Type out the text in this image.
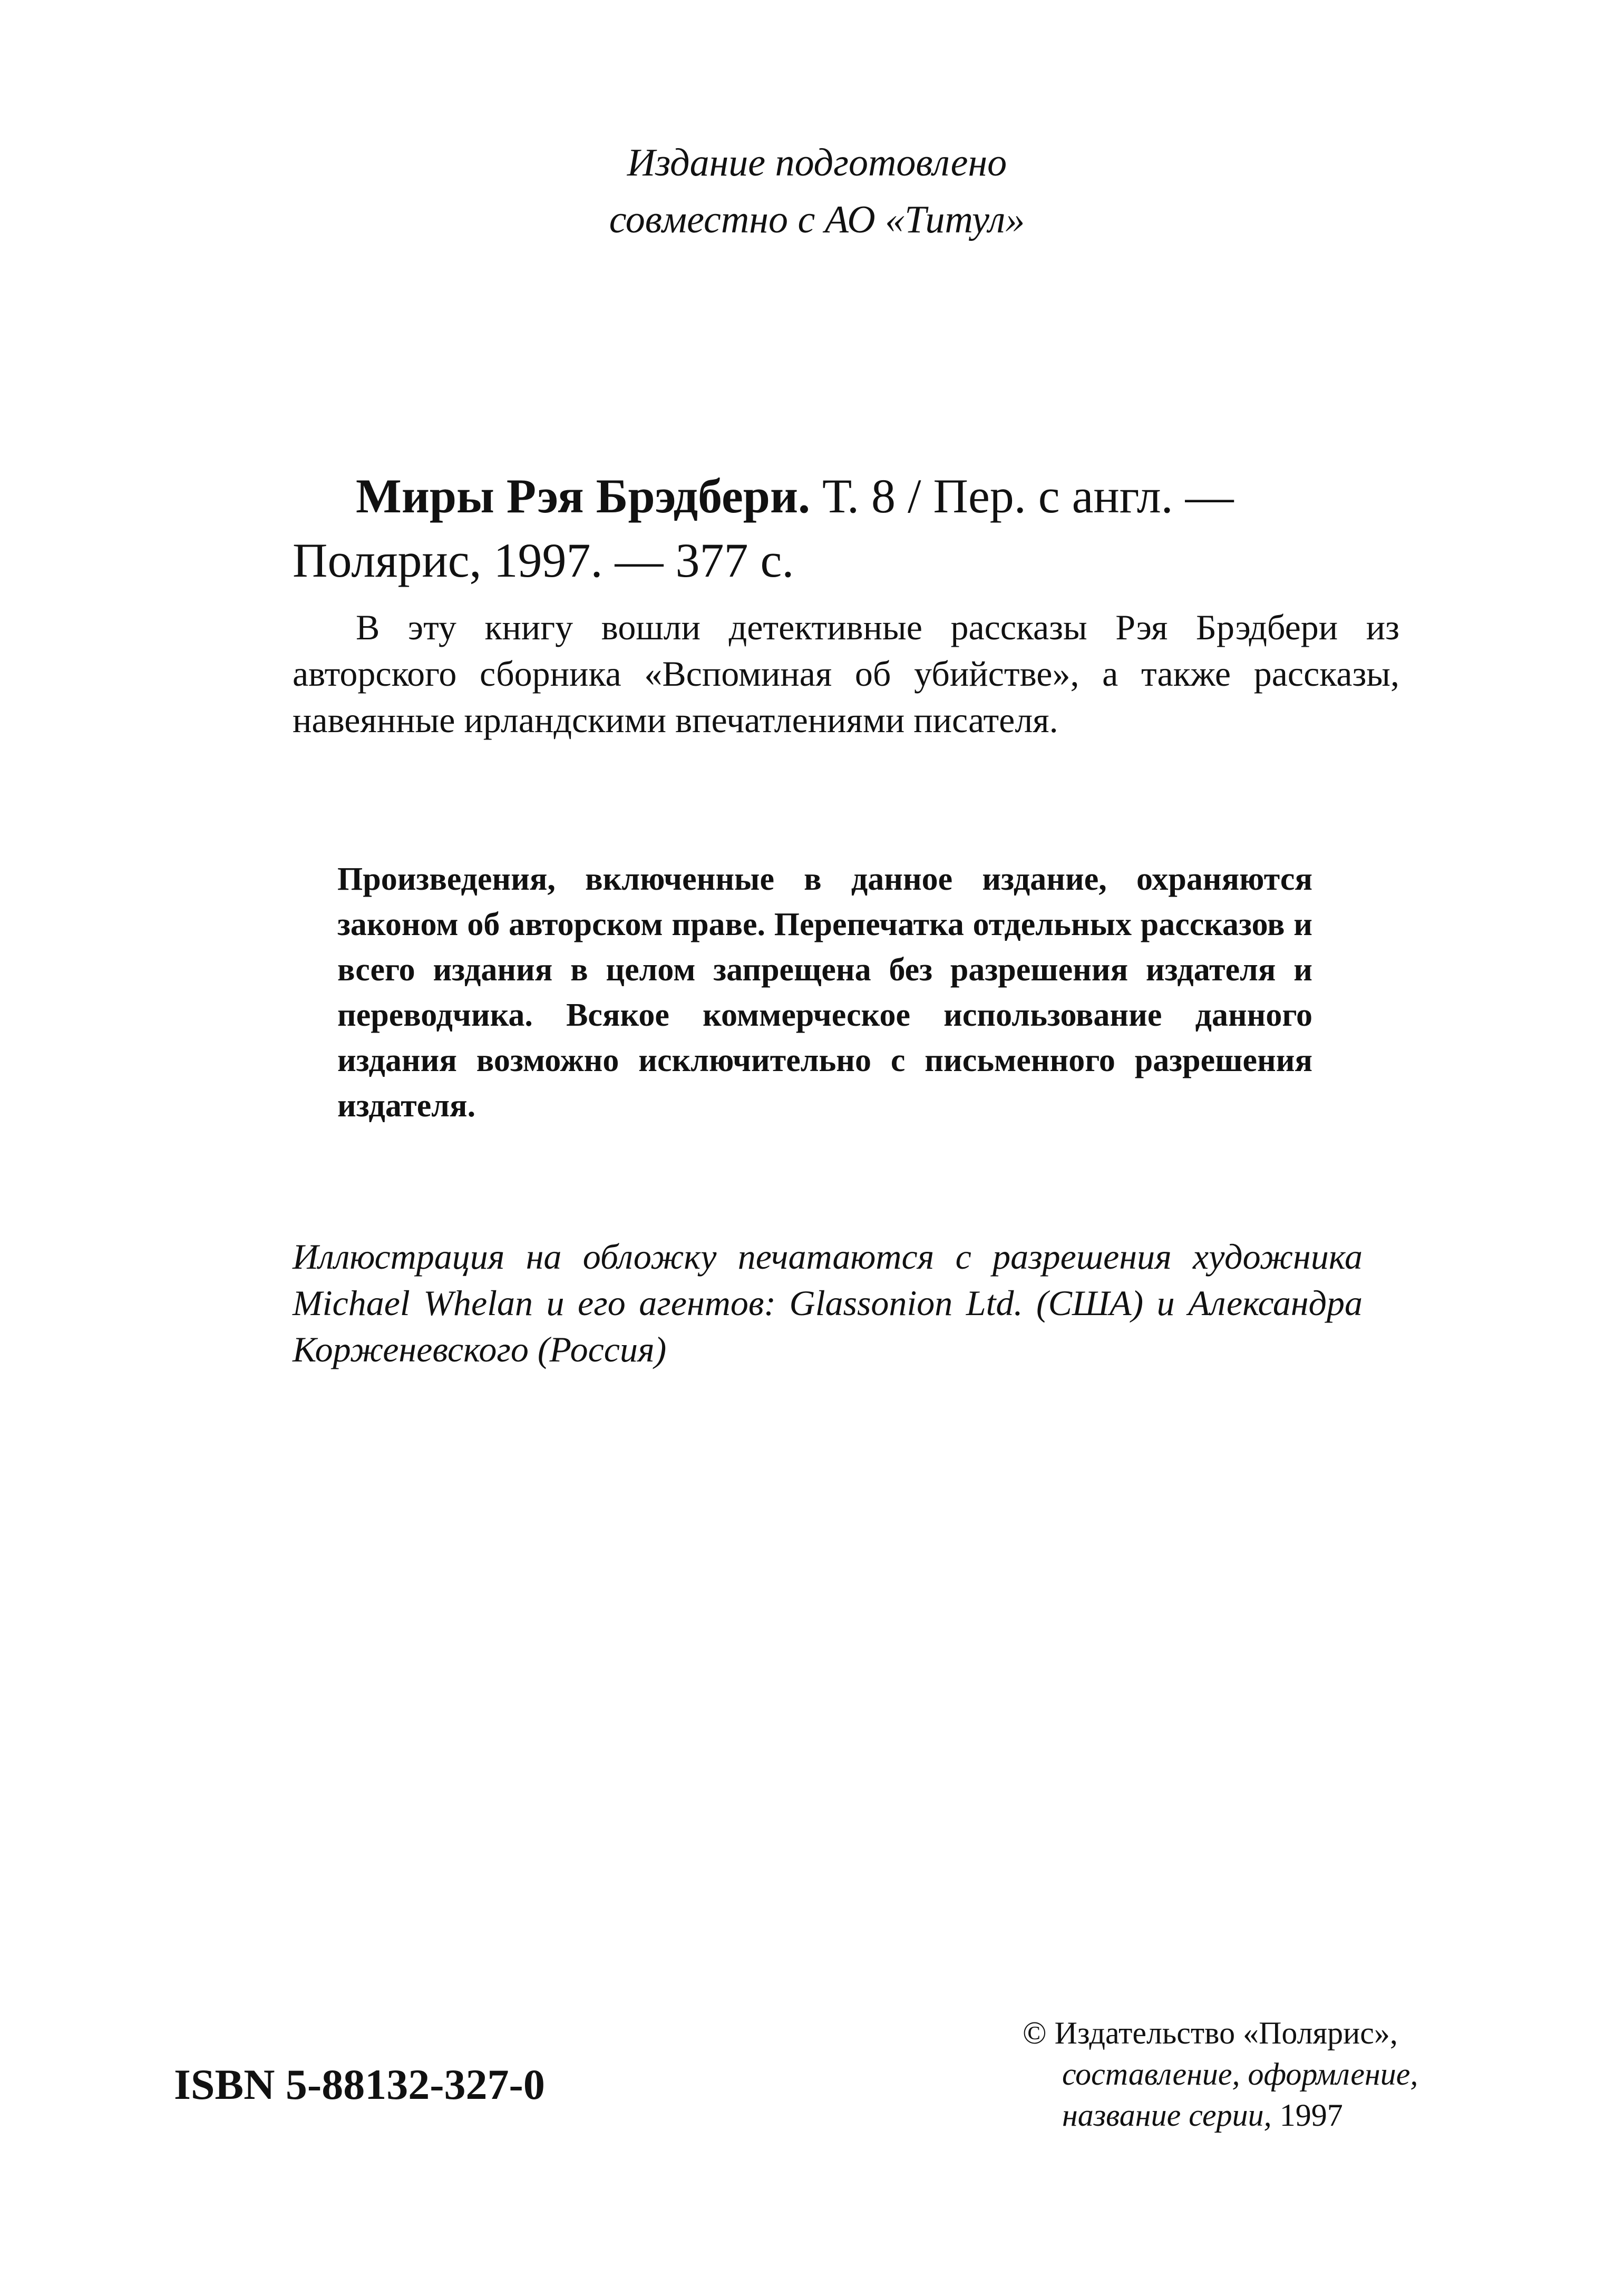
Издание подготовлено
совместно с АО «Титул»

Миры Рэя Брэдбери. Т. 8 / Пер. с англ. — Полярис, 1997. — 377 с.

В эту книгу вошли детективные рассказы Рэя Брэдбери из авторского сборника «Вспоминая об убийстве», а также рассказы, навеянные ирландскими впечатлениями писателя.
Произведения, включенные в данное издание, охраняются законом об авторском праве. Перепечатка отдельных рассказов и всего издания в целом запрещена без разрешения издателя и переводчика. Всякое коммерческое использование данного издания возможно исключительно с письменного разрешения издателя.
Иллюстрация на обложку печатаются с разрешения художника Michael Whelan и его агентов: Glassonion Ltd. (США) и Александра Корженевского (Россия)
ISBN 5-88132-327-0
© Издательство «Полярис»,
составление, оформление,
название серии, 1997
